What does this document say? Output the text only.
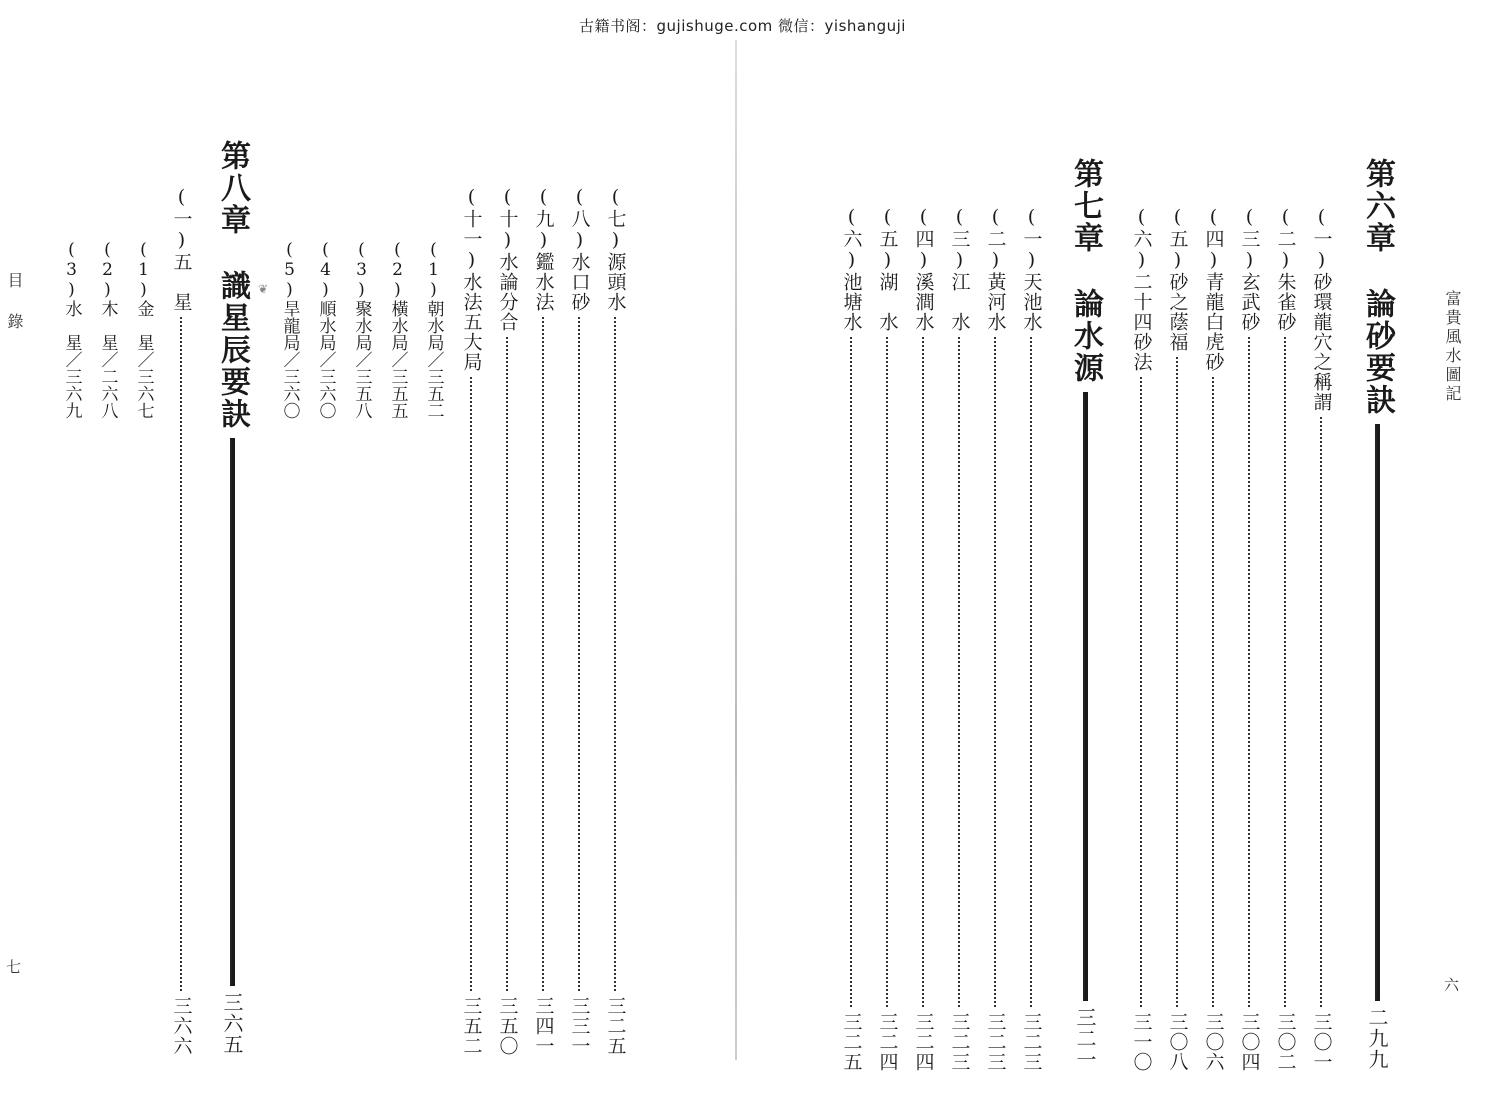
古籍书阁：gujishuge.com 微信：yishanguji
目 錄
七
(3)水　星／三六九 (2)木　星／二六八 (1)金　星／三六七 (一)五　星
三六六
第八章
識星辰要訣
三六五
❦ (5)旱龍局／三六〇 (4)順水局／三六〇 (3)聚水局／三五八 (2)橫水局／三五五 (1)朝水局／三五二 (十一)水法五大局
三五二
(十)水論分合
三五〇
(九)鑑水法
三四一
(八)水口砂
三三一
(七)源頭水
三二五
(六)池塘水
三二五
(五)湖　水
三二四
(四)溪澗水
三二四
(三)江　水
三二三
(二)黃河水
三二三
(一)天池水
三二三
第七章
論水源
三二一
(六)二十四砂法
三一〇
(五)砂之蔭福
三〇八
(四)青龍白虎砂
三〇六
(三)玄武砂
三〇四
(二)朱雀砂
三〇二
(一)砂環龍穴之稱謂
三〇一
第六章
論砂要訣
二九九
富貴風水圖記
六
